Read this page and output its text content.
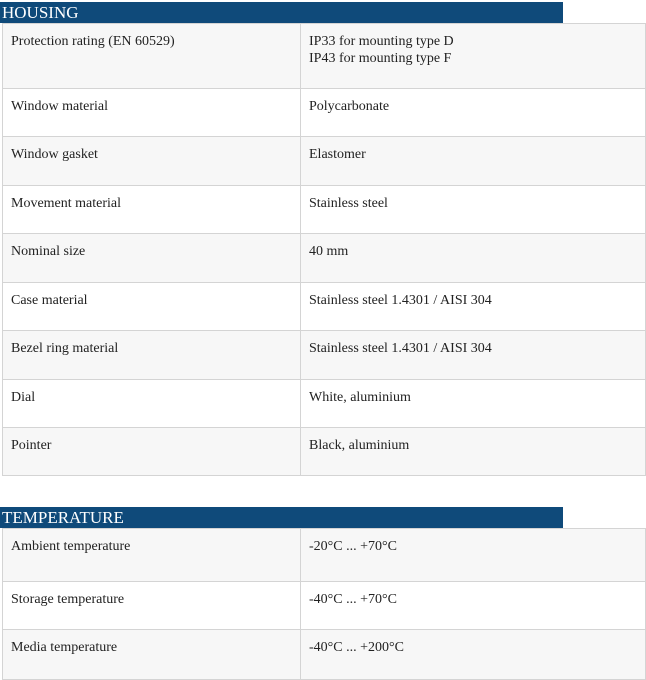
HOUSING
Protection rating (EN 60529)	IP33 for mounting type D
IP43 for mounting type F

Window material	Polycarbonate
Window gasket	Elastomer
Movement material	Stainless steel
Nominal size	40 mm
Case material	Stainless steel 1.4301 / AISI 304
Bezel ring material	Stainless steel 1.4301 / AISI 304
Dial	White, aluminium
Pointer	Black, aluminium
TEMPERATURE
Ambient temperature	-20°C ... +70°C
Storage temperature	-40°C ... +70°C
Media temperature	-40°C ... +200°C
